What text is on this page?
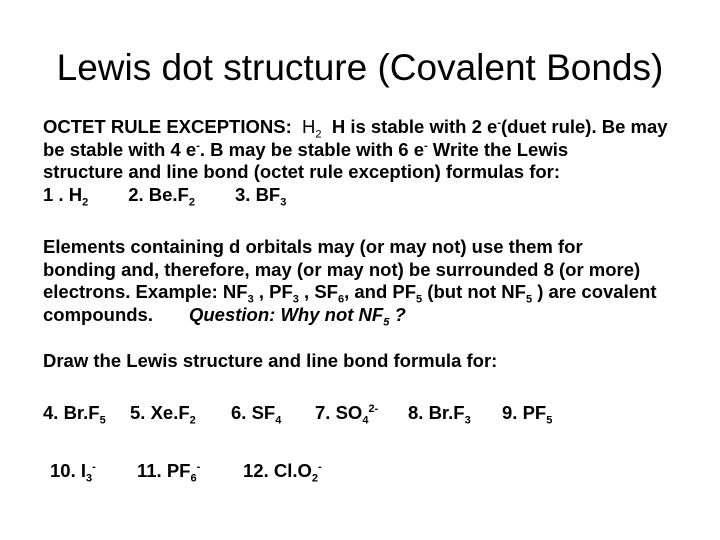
Lewis dot structure (Covalent Bonds)
OCTET RULE EXCEPTIONS: $H_2$ H is stable with 2 e-(duet rule). Be may
be stable with 4 e-. B may be stable with 6 e- Write the Lewis
structure and line bond (octet rule exception) formulas for:
1 . $H_2$ 2. $Be.F_2$ 3. $BF_3$
Elements containing d orbitals may (or may not) use them for
bonding and, therefore, may (or may not) be surrounded 8 (or more)
electrons. Example: $NF_3$ , $PF_3$ , $SF_6$, and $PF_5$ (but not $NF_5$ ) are covalent
compounds. Question: Why not $NF_5$ ?
Draw the Lewis structure and line bond formula for:
4. $Br.F_5$ 5. $Xe.F_2$ 6. $SF_4$ 7. $SO_4^{2-}$ 8. $Br.F_3$ 9. $PF_5$
10. $I_3^-$ 11. $PF_6^-$ 12. $Cl.O_2^-$
